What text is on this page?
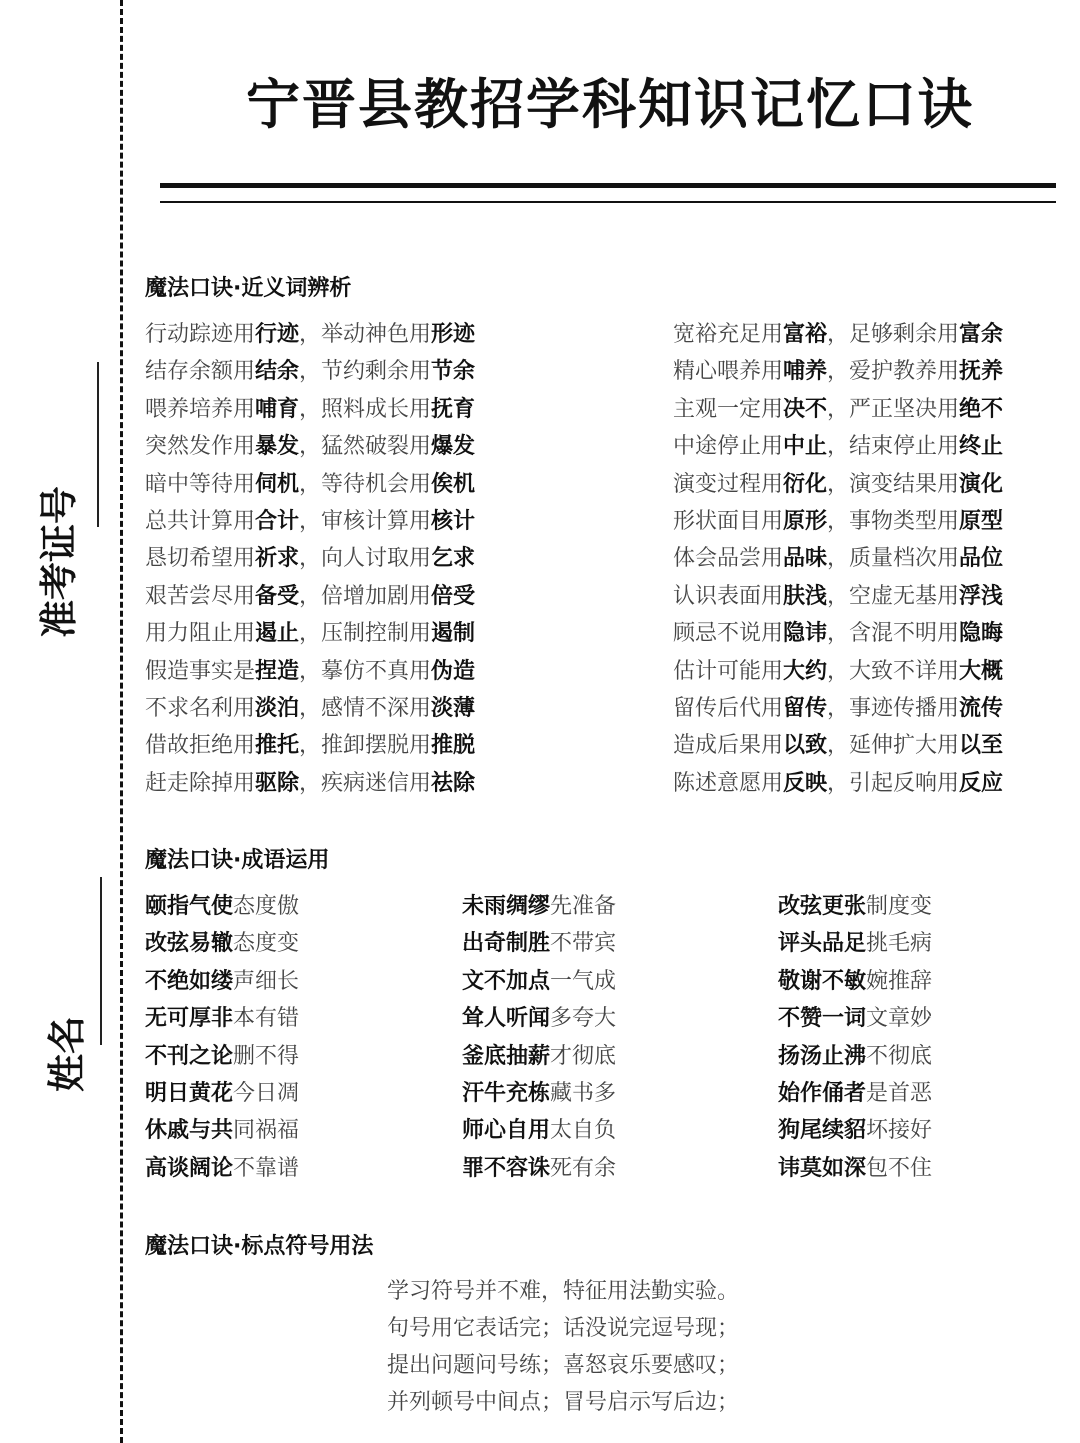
准考证号
姓名
宁晋县教招学科知识记忆口诀
魔法口诀·近义词辨析
行动踪迹用行迹，举动神色用形迹
结存余额用结余，节约剩余用节余
喂养培养用哺育，照料成长用抚育
突然发作用暴发，猛然破裂用爆发
暗中等待用伺机，等待机会用俟机
总共计算用合计，审核计算用核计
恳切希望用祈求，向人讨取用乞求
艰苦尝尽用备受，倍增加剧用倍受
用力阻止用遏止，压制控制用遏制
假造事实是捏造，摹仿不真用伪造
不求名利用淡泊，感情不深用淡薄
借故拒绝用推托，推卸摆脱用推脱
赶走除掉用驱除，疾病迷信用祛除
宽裕充足用富裕，足够剩余用富余
精心喂养用哺养，爱护教养用抚养
主观一定用决不，严正坚决用绝不
中途停止用中止，结束停止用终止
演变过程用衍化，演变结果用演化
形状面目用原形，事物类型用原型
体会品尝用品味，质量档次用品位
认识表面用肤浅，空虚无基用浮浅
顾忌不说用隐讳，含混不明用隐晦
估计可能用大约，大致不详用大概
留传后代用留传，事迹传播用流传
造成后果用以致，延伸扩大用以至
陈述意愿用反映，引起反响用反应
魔法口诀·成语运用
颐指气使态度傲
改弦易辙态度变
不绝如缕声细长
无可厚非本有错
不刊之论删不得
明日黄花今日凋
休戚与共同祸福
高谈阔论不靠谱
未雨绸缪先准备
出奇制胜不带宾
文不加点一气成
耸人听闻多夸大
釜底抽薪才彻底
汗牛充栋藏书多
师心自用太自负
罪不容诛死有余
改弦更张制度变
评头品足挑毛病
敬谢不敏婉推辞
不赞一词文章妙
扬汤止沸不彻底
始作俑者是首恶
狗尾续貂坏接好
讳莫如深包不住
魔法口诀·标点符号用法
学习符号并不难，特征用法勤实验。
句号用它表话完；话没说完逗号现；
提出问题问号练；喜怒哀乐要感叹；
并列顿号中间点；冒号启示写后边；
